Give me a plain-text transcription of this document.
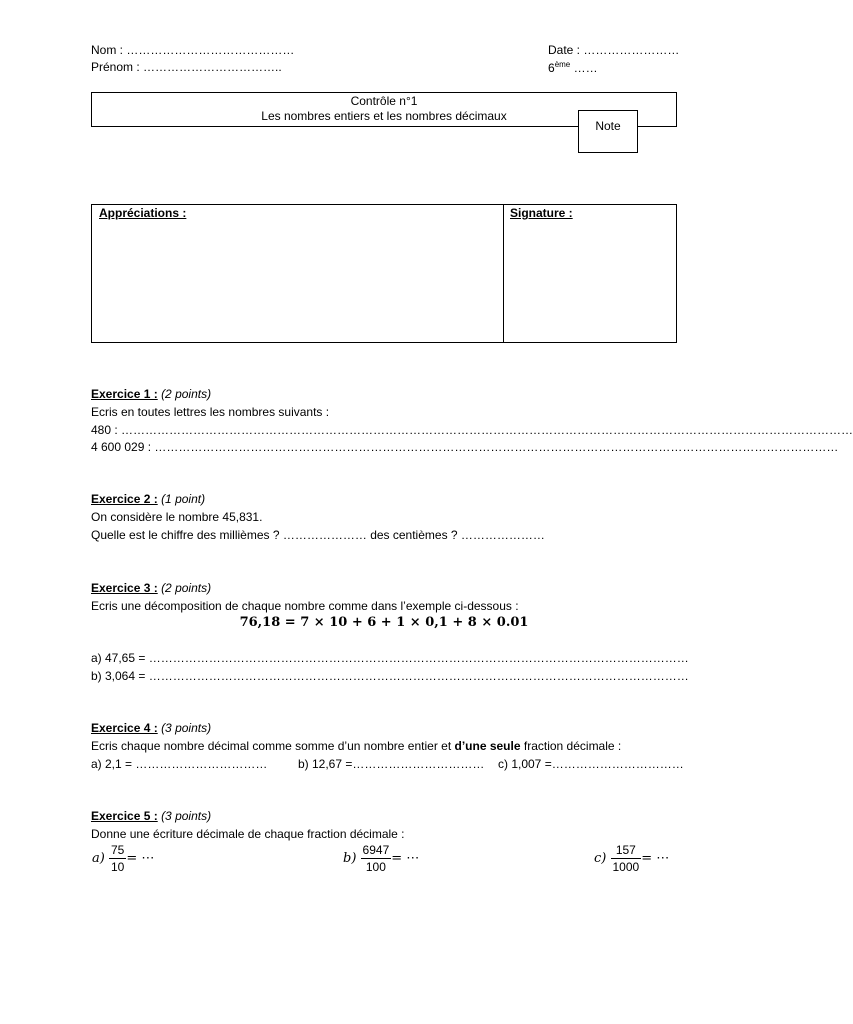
Nom : ……………………………………
Prénom : ……………………………..
Date : ……………………
6ème ……
Contrôle n°1
Les nombres entiers et les nombres décimaux
Note
Appréciations :	Signature :
Exercice 1 : (2 points)
Ecris en toutes lettres les nombres suivants :
480 : …………………………………………………………………………………………………………………………………………………………………
4 600 029 : ………………………………………………………………………………………………………………………………………………………
Exercice 2 : (1 point)
On considère le nombre 45,831.
Quelle est le chiffre des millièmes ? ………………… des centièmes ? …………………
Exercice 3 : (2 points)
Ecris une décomposition de chaque nombre comme dans l’exemple ci-dessous :
76,18 = 7 × 10 + 6 + 1 × 0,1 + 8 × 0.01
a) 47,65 = ………………………………………………………………………………………………………………………
b) 3,064 = ………………………………………………………………………………………………………………………
Exercice 4 : (3 points)
Ecris chaque nombre décimal comme somme d’un nombre entier et d’une seule fraction décimale :
a) 2,1 = ……………………………	b) 12,67 =…………………………… c) 1,007 =……………………………
Exercice 5 : (3 points)
Donne une écriture décimale de chaque fraction décimale :
$a) \frac{75}{10}$ = ⋯	$b) \frac{6947}{100}$ = ⋯	$c) \frac{157}{1000}$ = ⋯
